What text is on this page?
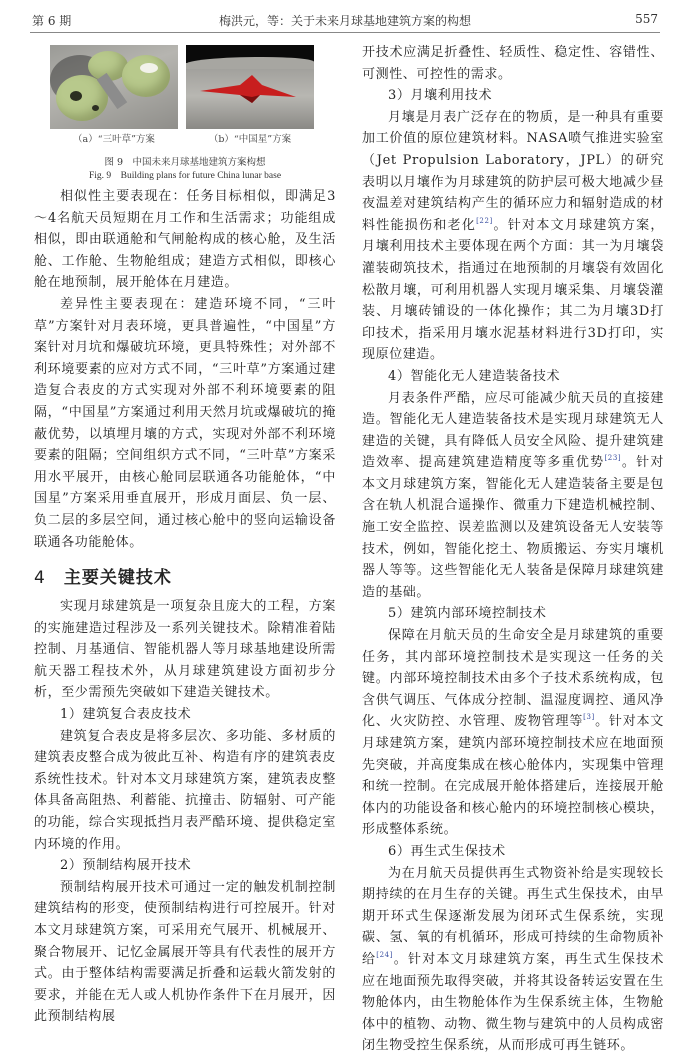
第 6 期	梅洪元，等：关于未来月球基地建筑方案的构想	557
（a）“三叶草”方案	（b）“中国星”方案
图 9　中国未来月球基地建筑方案构想
Fig. 9　Building plans for future China lunar base

相似性主要表现在：任务目标相似，即满足3～4名航天员短期在月工作和生活需求；功能组成相似，即由联通舱和气闸舱构成的核心舱，及生活舱、工作舱、生物舱组成；建造方式相似，即核心舱在地预制，展开舱体在月建造。

差异性主要表现在：建造环境不同，“三叶草”方案针对月表环境，更具普遍性，“中国星”方案针对月坑和爆破坑环境，更具特殊性；对外部不利环境要素的应对方式不同，“三叶草”方案通过建造复合表皮的方式实现对外部不利环境要素的阻隔，“中国星”方案通过利用天然月坑或爆破坑的掩蔽优势，以填埋月壤的方式，实现对外部不利环境要素的阻隔；空间组织方式不同，“三叶草”方案采用水平展开，由核心舱同层联通各功能舱体，“中国星”方案采用垂直展开，形成月面层、负一层、负二层的多层空间，通过核心舱中的竖向运输设备联通各功能舱体。

4 主要关键技术

实现月球建筑是一项复杂且庞大的工程，方案的实施建造过程涉及一系列关键技术。除精准着陆控制、月基通信、智能机器人等月球基地建设所需航天器工程技术外，从月球建筑建设方面初步分析，至少需预先突破如下建造关键技术。

1）建筑复合表皮技术

建筑复合表皮是将多层次、多功能、多材质的建筑表皮整合成为彼此互补、构造有序的建筑表皮系统性技术。针对本文月球建筑方案，建筑表皮整体具备高阻热、利蓄能、抗撞击、防辐射、可产能的功能，综合实现抵挡月表严酷环境、提供稳定室内环境的作用。

2）预制结构展开技术

预制结构展开技术可通过一定的触发机制控制建筑结构的形变，使预制结构进行可控展开。针对本文月球建筑方案，可采用充气展开、机械展开、聚合物展开、记忆金属展开等具有代表性的展开方式。由于整体结构需要满足折叠和运载火箭发射的要求，并能在无人或人机协作条件下在月展开，因此预制结构展

开技术应满足折叠性、轻质性、稳定性、容错性、可测性、可控性的需求。

3）月壤利用技术

月壤是月表广泛存在的物质，是一种具有重要加工价值的原位建筑材料。NASA喷气推进实验室（Jet Propulsion Laboratory，JPL）的研究表明以月壤作为月球建筑的防护层可极大地减少昼夜温差对建筑结构产生的循环应力和辐射造成的材料性能损伤和老化[22]。针对本文月球建筑方案，月壤利用技术主要体现在两个方面：其一为月壤袋灌装砌筑技术，指通过在地预制的月壤袋有效固化松散月壤，可利用机器人实现月壤采集、月壤袋灌装、月壤砖铺设的一体化操作；其二为月壤3D打印技术，指采用月壤水泥基材料进行3D打印，实现原位建造。

4）智能化无人建造装备技术

月表条件严酷，应尽可能减少航天员的直接建造。智能化无人建造装备技术是实现月球建筑无人建造的关键，具有降低人员安全风险、提升建筑建造效率、提高建筑建造精度等多重优势[23]。针对本文月球建筑方案，智能化无人建造装备主要是包含在轨人机混合遥操作、微重力下建造机械控制、施工安全监控、误差监测以及建筑设备无人安装等技术，例如，智能化挖土、物质搬运、夯实月壤机器人等等。这些智能化无人装备是保障月球建筑建造的基础。

5）建筑内部环境控制技术

保障在月航天员的生命安全是月球建筑的重要任务，其内部环境控制技术是实现这一任务的关键。内部环境控制技术由多个子技术系统构成，包含供气调压、气体成分控制、温湿度调控、通风净化、火灾防控、水管理、废物管理等[3]。针对本文月球建筑方案，建筑内部环境控制技术应在地面预先突破，并高度集成在核心舱体内，实现集中管理和统一控制。在完成展开舱体搭建后，连接展开舱体内的功能设备和核心舱内的环境控制核心模块，形成整体系统。

6）再生式生保技术

为在月航天员提供再生式物资补给是实现较长期持续的在月生存的关键。再生式生保技术，由早期开环式生保逐渐发展为闭环式生保系统，实现碳、氢、氧的有机循环，形成可持续的生命物质补给[24]。针对本文月球建筑方案，再生式生保技术应在地面预先取得突破，并将其设备转运安置在生物舱体内，由生物舱体作为生保系统主体，生物舱体中的植物、动物、微生物与建筑中的人员构成密闭生物受控生保系统，从而形成可再生链环。
